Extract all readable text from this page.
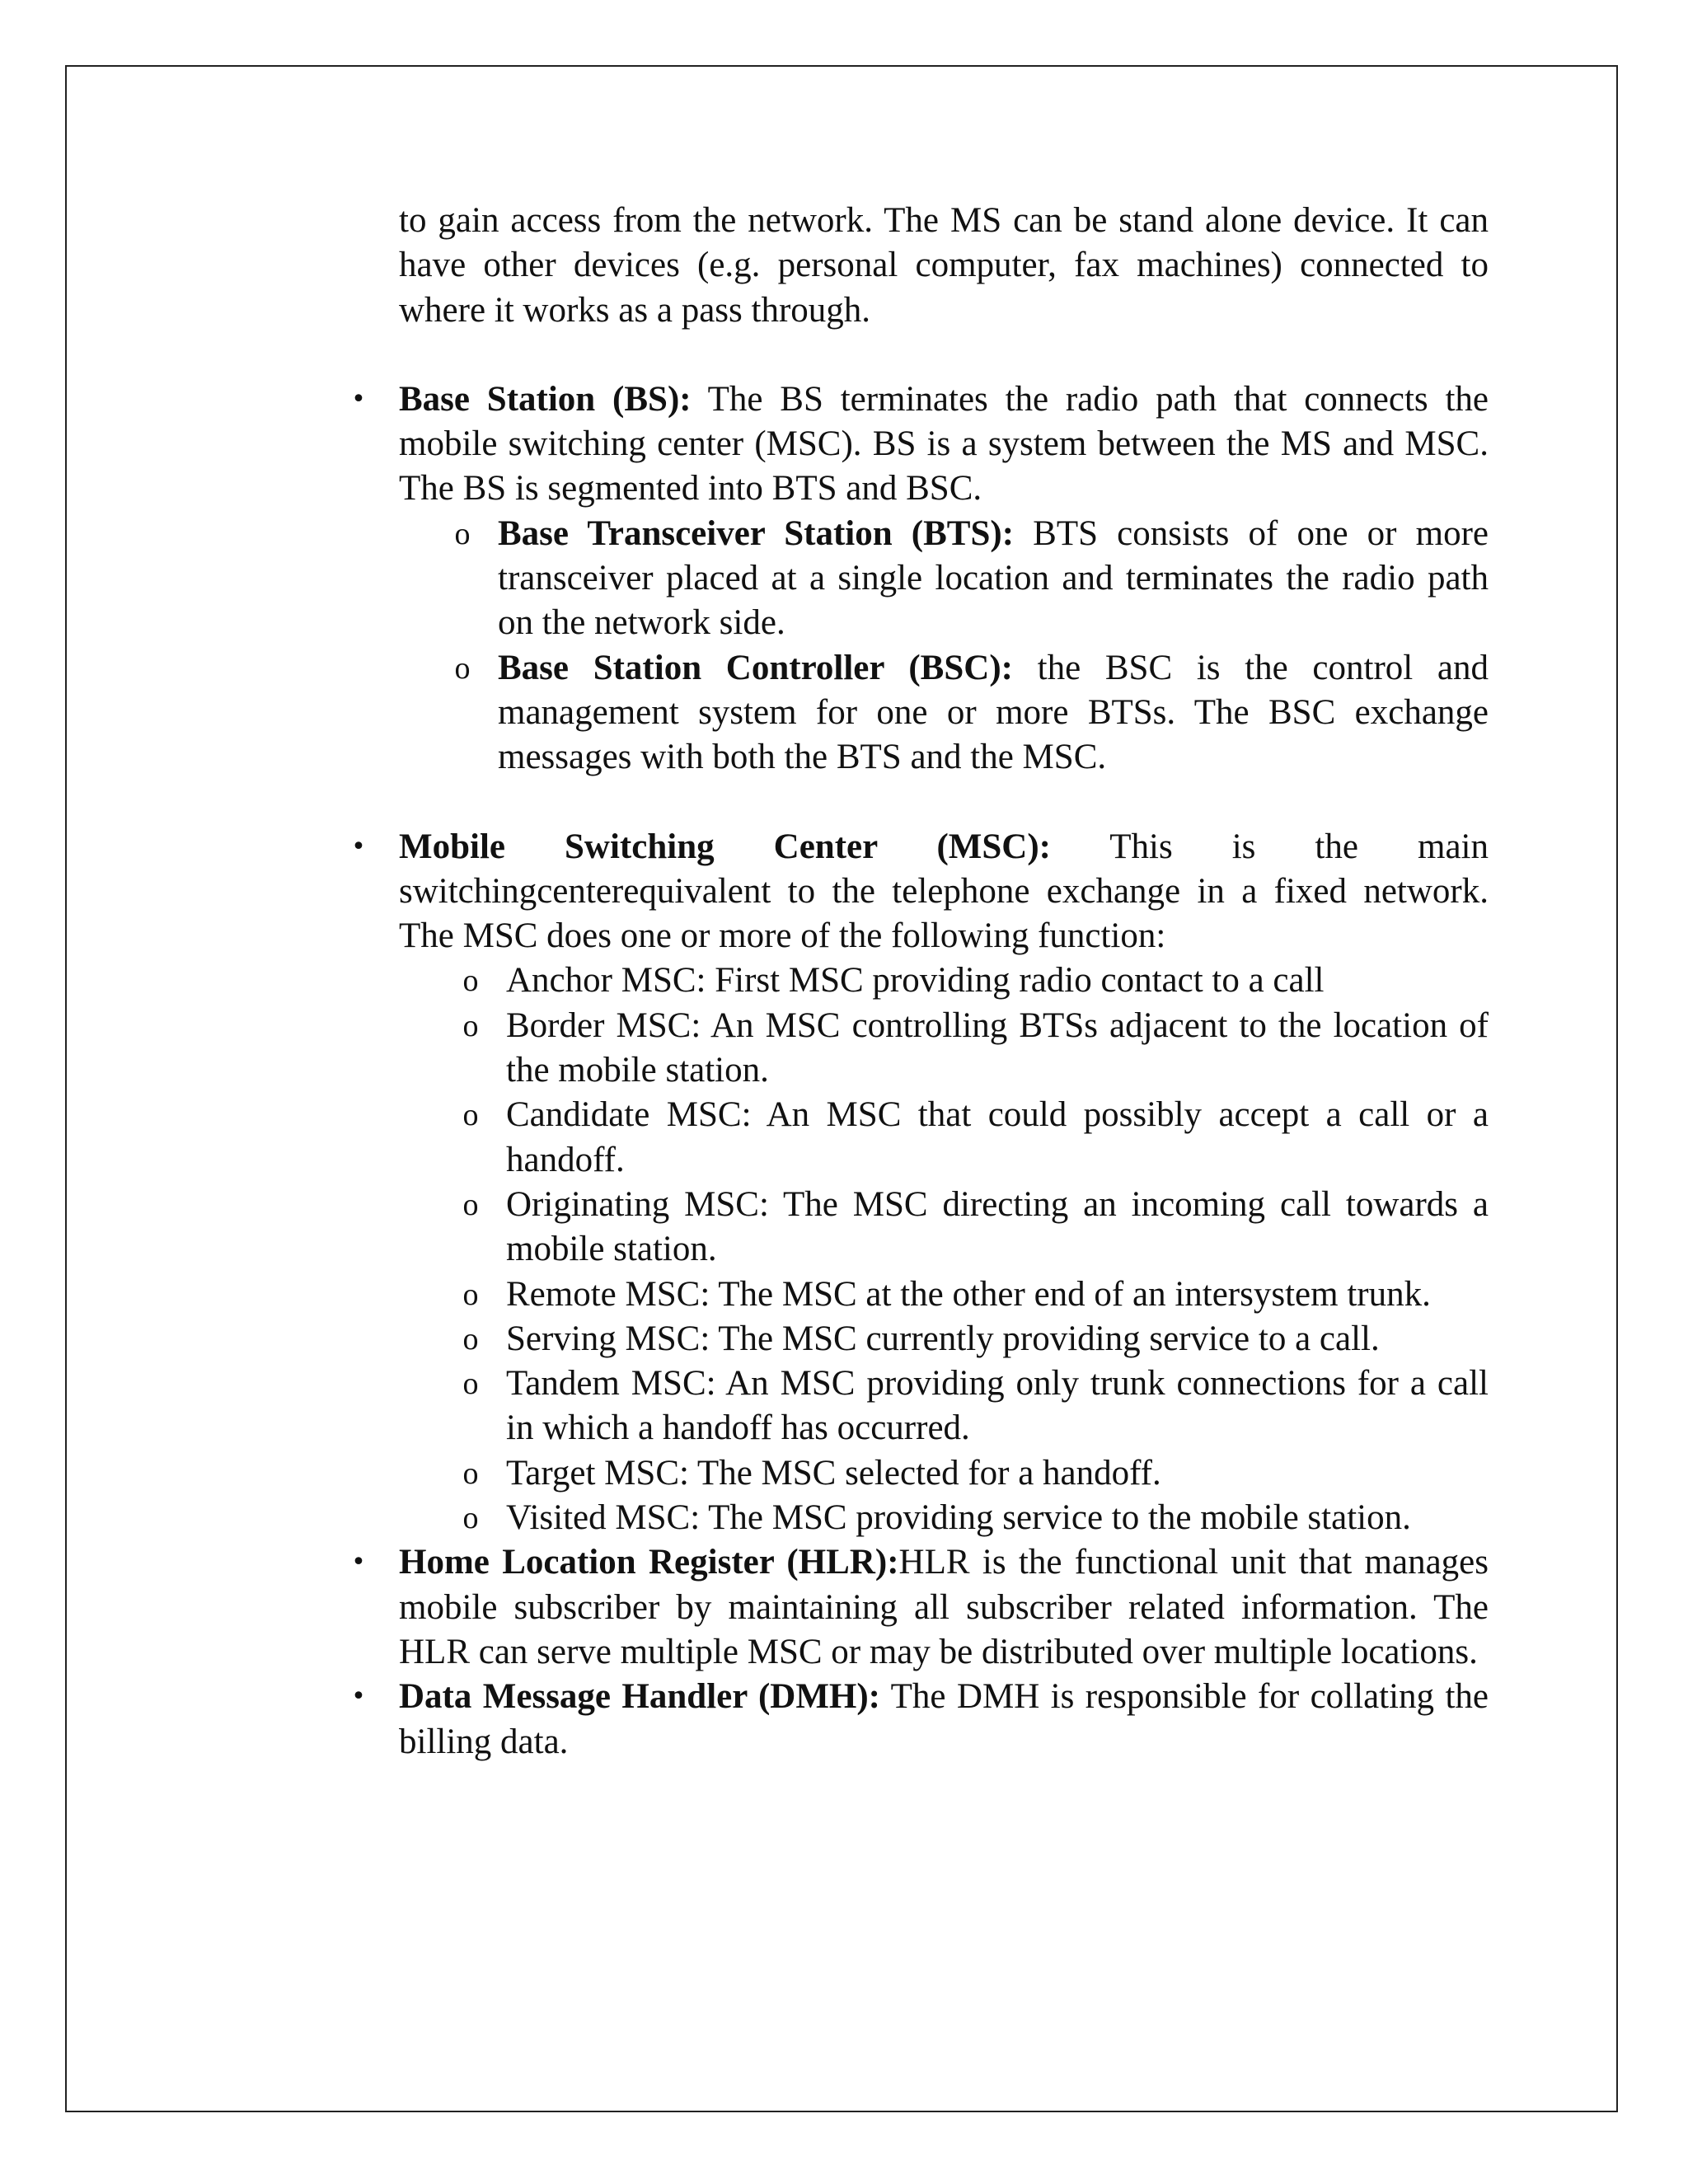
to gain access from the network. The MS can be stand alone device. It can have other devices (e.g. personal computer, fax machines) connected to where it works as a pass through.

• Base Station (BS): The BS terminates the radio path that connects the mobile switching center (MSC). BS is a system between the MS and MSC. The BS is segmented into BTS and BSC.
o Base Transceiver Station (BTS): BTS consists of one or more transceiver placed at a single location and terminates the radio path on the network side.
o Base Station Controller (BSC): the BSC is the control and management system for one or more BTSs. The BSC exchange messages with both the BTS and the MSC.
• Mobile Switching Center (MSC): This is the main switchingcenterequivalent to the telephone exchange in a fixed network. The MSC does one or more of the following function:
o Anchor MSC: First MSC providing radio contact to a call
o Border MSC: An MSC controlling BTSs adjacent to the location of the mobile station.
o Candidate MSC: An MSC that could possibly accept a call or a handoff.
o Originating MSC: The MSC directing an incoming call towards a mobile station.
o Remote MSC: The MSC at the other end of an intersystem trunk.
o Serving MSC: The MSC currently providing service to a call.
o Tandem MSC: An MSC providing only trunk connections for a call in which a handoff has occurred.
o Target MSC: The MSC selected for a handoff.
o Visited MSC: The MSC providing service to the mobile station.
• Home Location Register (HLR):HLR is the functional unit that manages mobile subscriber by maintaining all subscriber related information. The HLR can serve multiple MSC or may be distributed over multiple locations.
• Data Message Handler (DMH): The DMH is responsible for collating the billing data.
